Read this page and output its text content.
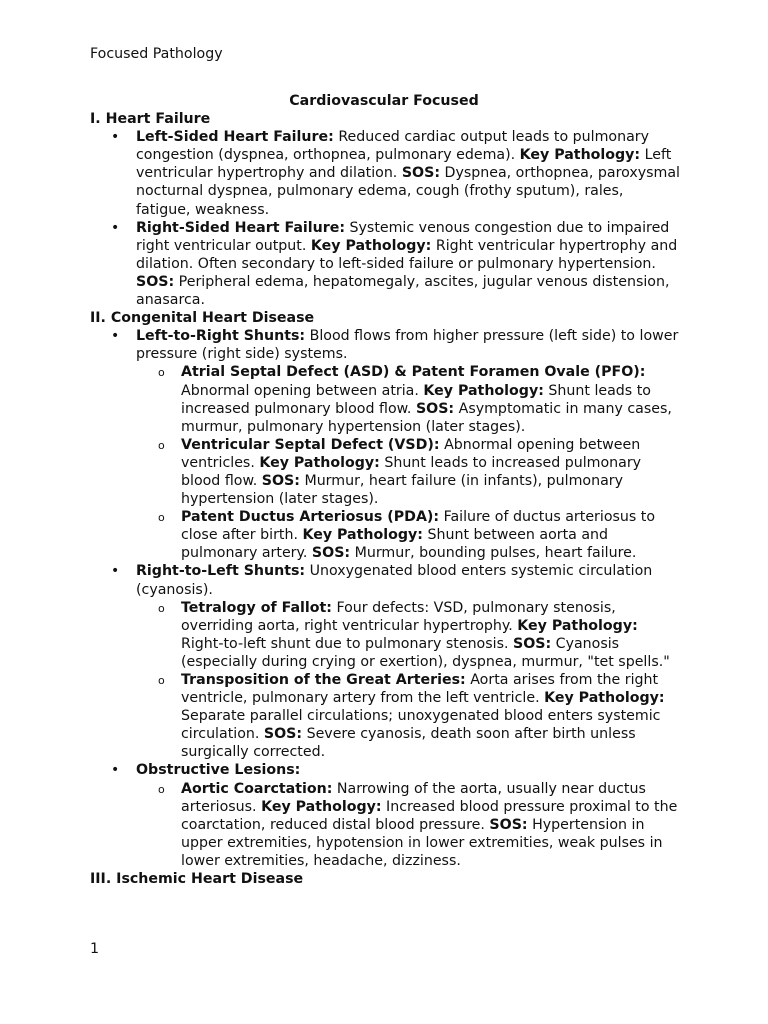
Focused Pathology
Cardiovascular Focused
I. Heart Failure
• Left-Sided Heart Failure: Reduced cardiac output leads to pulmonary congestion (dyspnea, orthopnea, pulmonary edema). Key Pathology: Left ventricular hypertrophy and dilation. SOS: Dyspnea, orthopnea, paroxysmal nocturnal dyspnea, pulmonary edema, cough (frothy sputum), rales, fatigue, weakness.
• Right-Sided Heart Failure: Systemic venous congestion due to impaired right ventricular output. Key Pathology: Right ventricular hypertrophy and dilation. Often secondary to left-sided failure or pulmonary hypertension. SOS: Peripheral edema, hepatomegaly, ascites, jugular venous distension, anasarca.
II. Congenital Heart Disease
• Left-to-Right Shunts: Blood flows from higher pressure (left side) to lower pressure (right side) systems.
o Atrial Septal Defect (ASD) & Patent Foramen Ovale (PFO): Abnormal opening between atria. Key Pathology: Shunt leads to increased pulmonary blood flow. SOS: Asymptomatic in many cases, murmur, pulmonary hypertension (later stages).
o Ventricular Septal Defect (VSD): Abnormal opening between ventricles. Key Pathology: Shunt leads to increased pulmonary blood flow. SOS: Murmur, heart failure (in infants), pulmonary hypertension (later stages).
o Patent Ductus Arteriosus (PDA): Failure of ductus arteriosus to close after birth. Key Pathology: Shunt between aorta and pulmonary artery. SOS: Murmur, bounding pulses, heart failure.
• Right-to-Left Shunts: Unoxygenated blood enters systemic circulation (cyanosis).
o Tetralogy of Fallot: Four defects: VSD, pulmonary stenosis, overriding aorta, right ventricular hypertrophy. Key Pathology: Right-to-left shunt due to pulmonary stenosis. SOS: Cyanosis (especially during crying or exertion), dyspnea, murmur, "tet spells."
o Transposition of the Great Arteries: Aorta arises from the right ventricle, pulmonary artery from the left ventricle. Key Pathology: Separate parallel circulations; unoxygenated blood enters systemic circulation. SOS: Severe cyanosis, death soon after birth unless surgically corrected.
• Obstructive Lesions:
o Aortic Coarctation: Narrowing of the aorta, usually near ductus arteriosus. Key Pathology: Increased blood pressure proximal to the coarctation, reduced distal blood pressure. SOS: Hypertension in upper extremities, hypotension in lower extremities, weak pulses in lower extremities, headache, dizziness.
III. Ischemic Heart Disease
1
